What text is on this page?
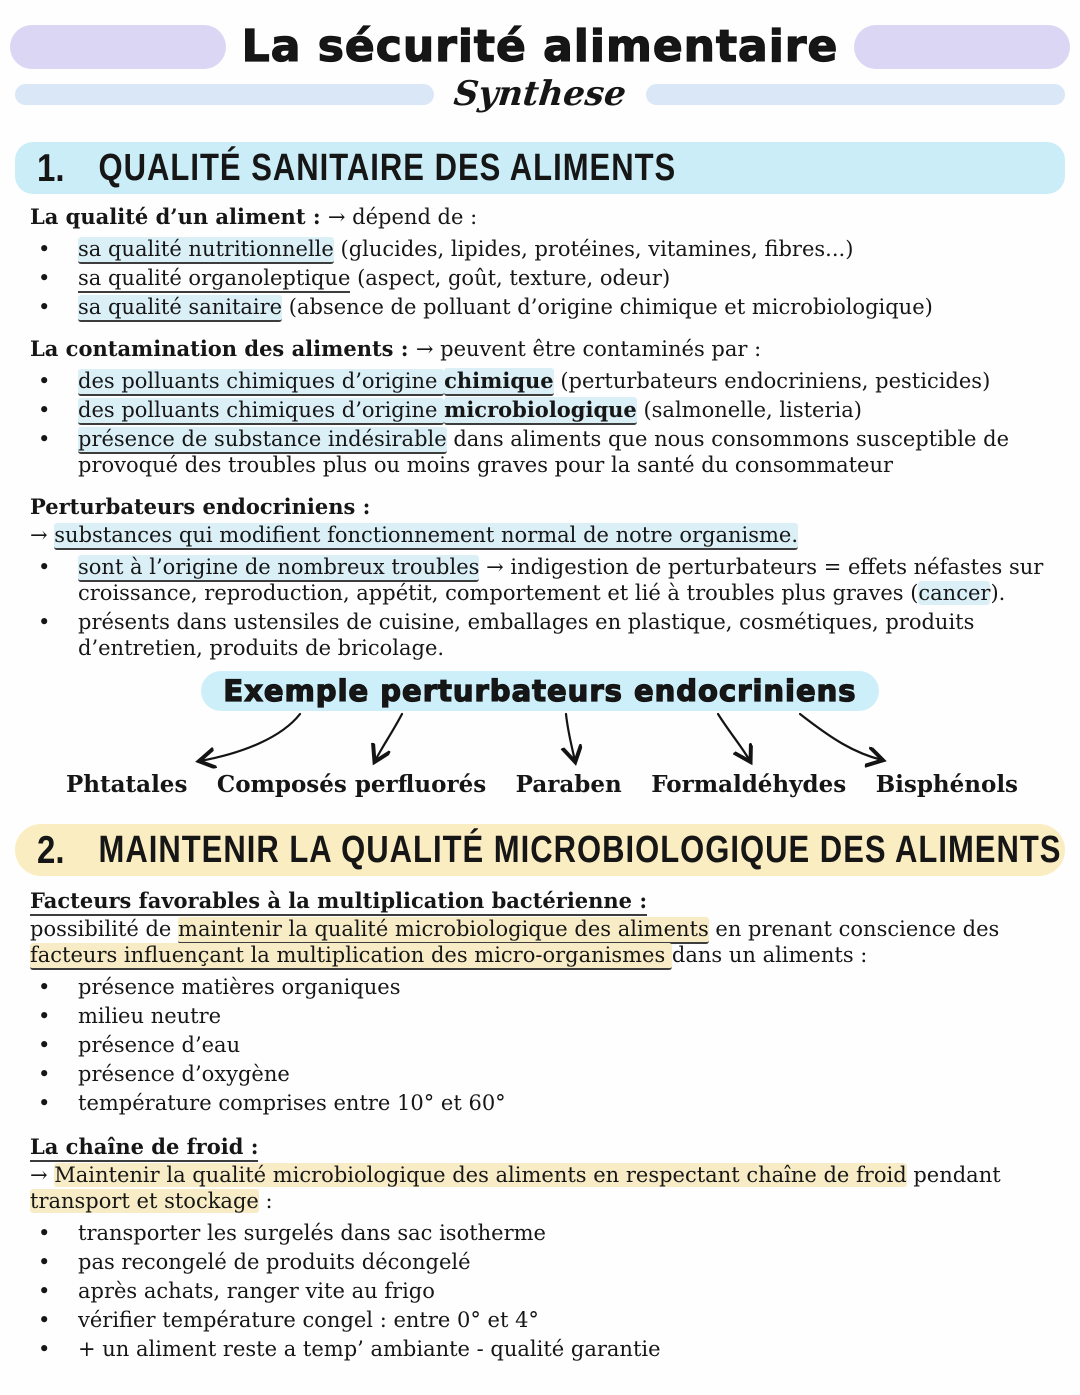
La sécurité alimentaire
Synthese
1. QUALITÉ SANITAIRE DES ALIMENTS

La qualité d’un aliment : → dépend de :

•
sa qualité nutritionnelle (glucides, lipides, protéines, vitamines, fibres...)
•
sa qualité organoleptique (aspect, goût, texture, odeur)
•
sa qualité sanitaire (absence de polluant d’origine chimique et microbiologique)

La contamination des aliments : → peuvent être contaminés par :

•
des polluants chimiques d’origine chimique (perturbateurs endocriniens, pesticides)
•
des polluants chimiques d’origine microbiologique (salmonelle, listeria)
•
présence de substance indésirable dans aliments que nous consommons susceptible de provoqué des troubles plus ou moins graves pour la santé du consommateur

Perturbateurs endocriniens :

→ substances qui modifient fonctionnement normal de notre organisme.

•
sont à l’origine de nombreux troubles → indigestion de perturbateurs = effets néfastes sur croissance, reproduction, appétit, comportement et lié à troubles plus graves (cancer).
•
présents dans ustensiles de cuisine, emballages en plastique, cosmétiques, produits d’entretien, produits de bricolage.
Exemple perturbateurs endocriniens
Phtatales Composés perfluorés Paraben Formaldéhydes Bisphénols
2. MAINTENIR LA QUALITÉ MICROBIOLOGIQUE DES ALIMENTS

Facteurs favorables à la multiplication bactérienne :

possibilité de maintenir la qualité microbiologique des aliments en prenant conscience des facteurs influençant la multiplication des micro-organismes dans un aliments :

•
présence matières organiques
•
milieu neutre
•
présence d’eau
•
présence d’oxygène
•
température comprises entre 10° et 60°

La chaîne de froid :

→ Maintenir la qualité microbiologique des aliments en respectant chaîne de froid pendant transport et stockage :

•
transporter les surgelés dans sac isotherme
•
pas recongelé de produits décongelé
•
après achats, ranger vite au frigo
•
vérifier température congel : entre 0° et 4°
•
+ un aliment reste a temp’ ambiante - qualité garantie
